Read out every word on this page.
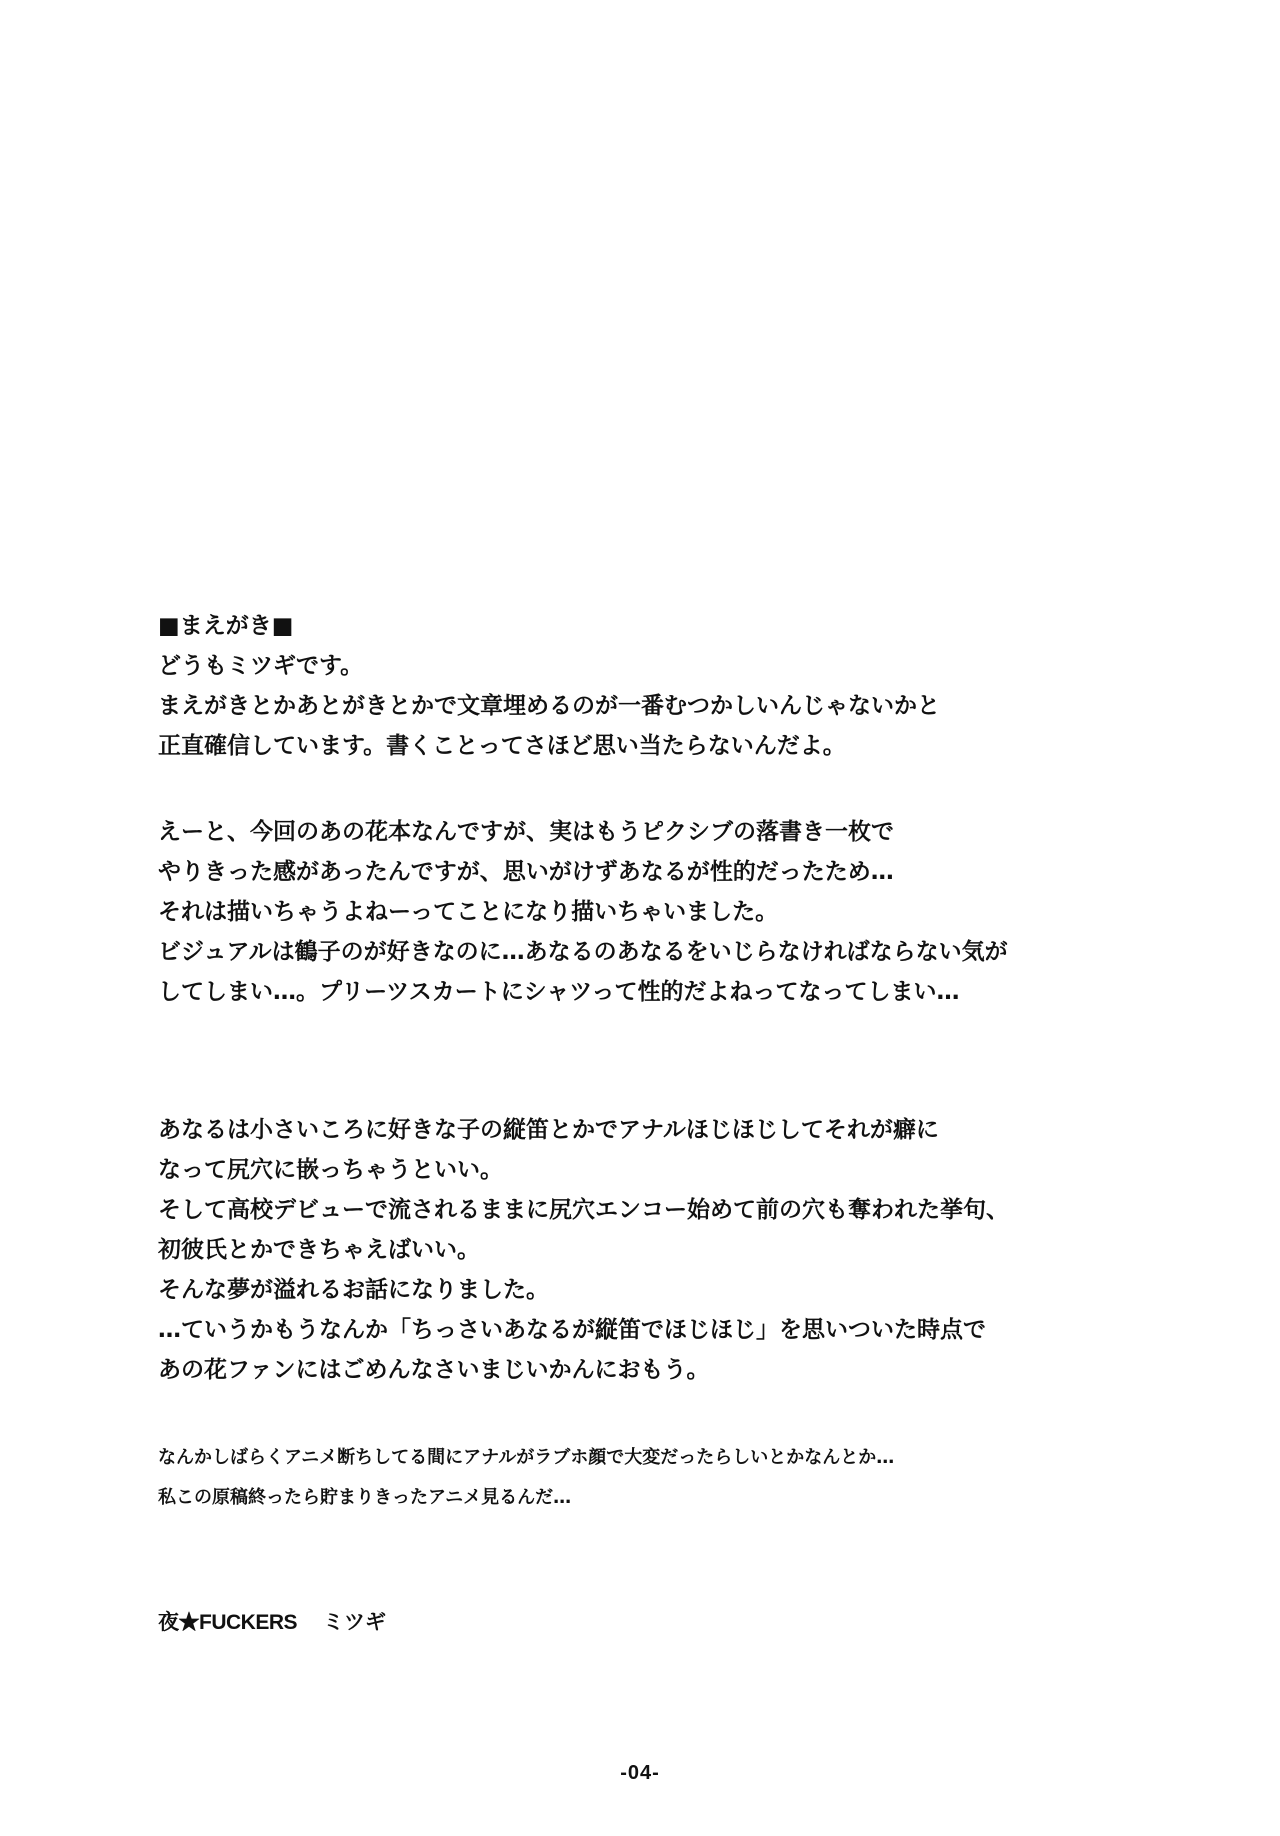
■まえがき■
どうもミツギです。
まえがきとかあとがきとかで文章埋めるのが一番むつかしいんじゃないかと
正直確信しています。書くことってさほど思い当たらないんだよ。
えーと、今回のあの花本なんですが、実はもうピクシブの落書き一枚で
やりきった感があったんですが、思いがけずあなるが性的だったため…
それは描いちゃうよねーってことになり描いちゃいました。
ビジュアルは鶴子のが好きなのに…あなるのあなるをいじらなければならない気が
してしまい…。プリーツスカートにシャツって性的だよねってなってしまい…
あなるは小さいころに好きな子の縦笛とかでアナルほじほじしてそれが癖に
なって尻穴に嵌っちゃうといい。
そして高校デビューで流されるままに尻穴エンコー始めて前の穴も奪われた挙句、
初彼氏とかできちゃえばいい。
そんな夢が溢れるお話になりました。
…ていうかもうなんか「ちっさいあなるが縦笛でほじほじ」を思いついた時点で
あの花ファンにはごめんなさいまじいかんにおもう。
なんかしばらくアニメ断ちしてる間にアナルがラブホ顔で大変だったらしいとかなんとか…
私この原稿終ったら貯まりきったアニメ見るんだ…
夜★FUCKERS ミツギ
-04-
